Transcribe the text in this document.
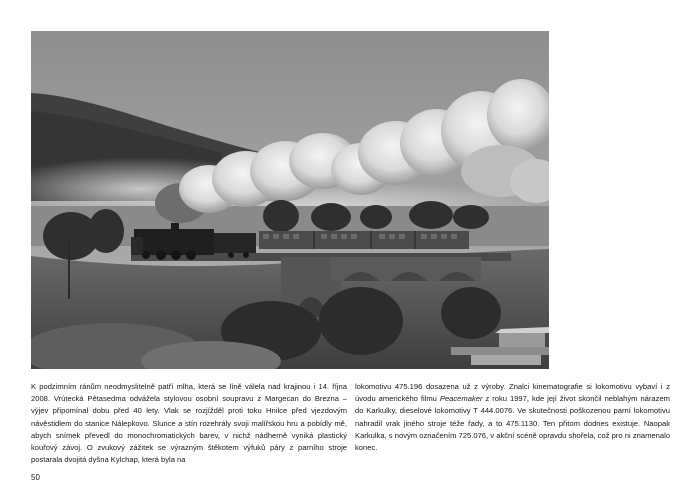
K podzimním ránům neodmyslitelně patří mlha, která se líně válela nad krajinou i 14. října 2008. Vrútecká Pětasedma odvážela stylovou osobní soupravu z Margecan do Brezna – výjev připomínal dobu před 40 lety. Vlak se rozjížděl proti toku Hnilce před vjezdovým návěstidlem do stanice Nálepkovo. Slunce a stín rozehrály svoji malířskou hru a pobídly mě, abych snímek převedl do monochromatických barev, v nichž nádherně vyniká plastický kouřový závoj. O zvukový zážitek se výrazným štěkotem výfuků páry z parního stroje postarala dvojitá dyšna Kylchap, která byla na

lokomotivu 475.196 dosazena už z výroby. Znalci kinematografie si lokomotivu vybaví i z úvodu amerického filmu Peacemaker z roku 1997, kde její život skončil neblahým nárazem do Karkulky, dieselové lokomotivy T 444.0076. Ve skutečnosti poškozenou parní lokomotivu nahradil vrak jiného stroje téže řady, a to 475.1130. Ten přitom dodnes existuje. Naopak Karkulka, s novým označením 725.076, v akční scéně opravdu shořela, což pro ni znamenalo konec.

50
